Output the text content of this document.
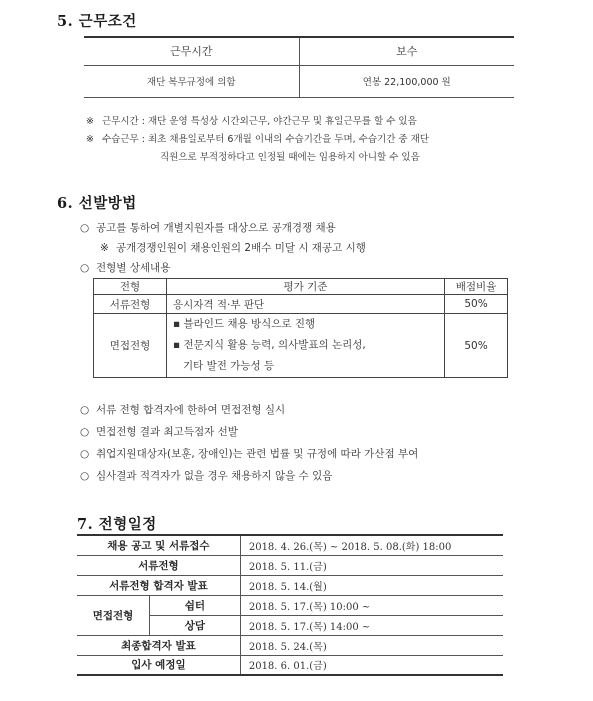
5. 근무조건
근무시간	보수
재단 복무규정에 의함	연봉 22,100,000 원
※ 근무시간 : 재단 운영 특성상 시간외근무, 야간근무 및 휴일근무를 할 수 있음
※ 수습근무 : 최초 채용일로부터 6개월 이내의 수습기간을 두며, 수습기간 중 재단
직원으로 부적정하다고 인정될 때에는 임용하지 아니할 수 있음
6. 선발방법
○ 공고를 통하여 개별지원자를 대상으로 공개경쟁 채용
※ 공개경쟁인원이 채용인원의 2배수 미달 시 재공고 시행
○ 전형별 상세내용
전형	평가 기준	배점비율
서류전형	응시자격 적·부 판단	50%
면접전형	▪ 블라인드 채용 방식으로 진행
▪ 전문지식 활용 능력, 의사발표의 논리성,
기타 발전 가능성 등	50%
○ 서류 전형 합격자에 한하여 면접전형 실시
○ 면접전형 결과 최고득점자 선발
○ 취업지원대상자(보훈, 장애인)는 관련 법률 및 규정에 따라 가산점 부여
○ 심사결과 적격자가 없을 경우 채용하지 않을 수 있음
7. 전형일정
채용 공고 및 서류접수		2018. 4. 26.(목) ~ 2018. 5. 08.(화) 18:00
서류전형		2018. 5. 11.(금)
서류전형 합격자 발표		2018. 5. 14.(월)
면접전형	쉼터	2018. 5. 17.(목) 10:00 ~
	상담	2018. 5. 17.(목) 14:00 ~
최종합격자 발표		2018. 5. 24.(목)
입사 예정일		2018. 6. 01.(금)
